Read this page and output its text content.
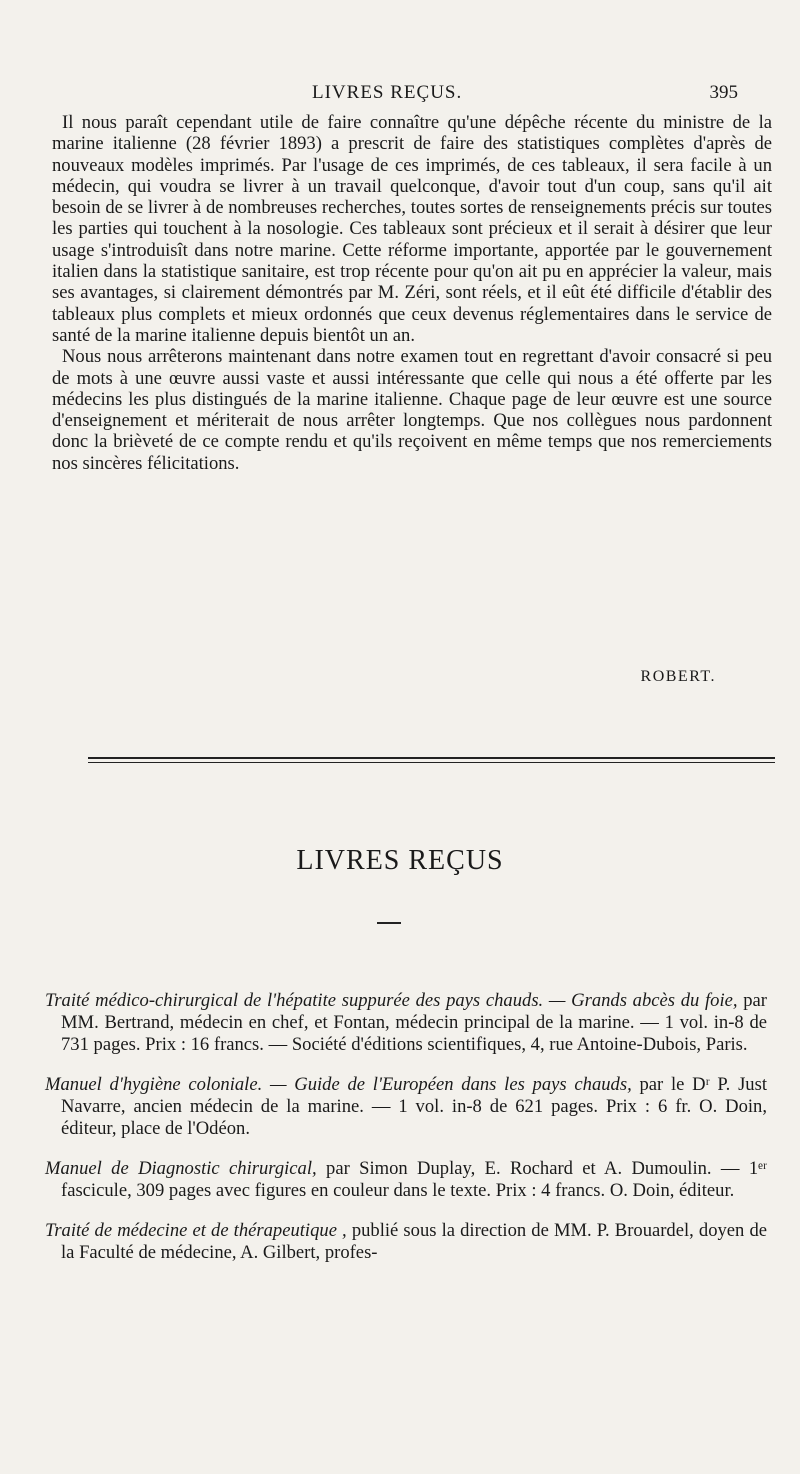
LIVRES REÇUS.	395

Il nous paraît cependant utile de faire connaître qu'une dépêche récente du ministre de la marine italienne (28 février 1893) a prescrit de faire des statistiques complètes d'après de nouveaux modèles imprimés. Par l'usage de ces imprimés, de ces tableaux, il sera facile à un médecin, qui voudra se livrer à un travail quelconque, d'avoir tout d'un coup, sans qu'il ait besoin de se livrer à de nombreuses recherches, toutes sortes de renseignements précis sur toutes les parties qui touchent à la nosologie. Ces tableaux sont précieux et il serait à désirer que leur usage s'introduisît dans notre marine. Cette réforme importante, apportée par le gouvernement italien dans la statistique sanitaire, est trop récente pour qu'on ait pu en apprécier la valeur, mais ses avantages, si clairement démontrés par M. Zéri, sont réels, et il eût été difficile d'établir des tableaux plus complets et mieux ordonnés que ceux devenus réglementaires dans le service de santé de la marine italienne depuis bientôt un an.

Nous nous arrêterons maintenant dans notre examen tout en regrettant d'avoir consacré si peu de mots à une œuvre aussi vaste et aussi intéressante que celle qui nous a été offerte par les médecins les plus distingués de la marine italienne. Chaque page de leur œuvre est une source d'enseignement et mériterait de nous arrêter longtemps. Que nos collègues nous pardonnent donc la brièveté de ce compte rendu et qu'ils reçoivent en même temps que nos remerciements nos sincères félicitations.

ROBERT.
LIVRES REÇUS

Traité médico-chirurgical de l'hépatite suppurée des pays chauds. — Grands abcès du foie, par MM. Bertrand, médecin en chef, et Fontan, médecin principal de la marine. — 1 vol. in-8 de 731 pages. Prix : 16 francs. — Société d'éditions scientifiques, 4, rue Antoine-Dubois, Paris.

Manuel d'hygiène coloniale. — Guide de l'Européen dans les pays chauds, par le Dʳ P. Just Navarre, ancien médecin de la marine. — 1 vol. in-8 de 621 pages. Prix : 6 fr. O. Doin, éditeur, place de l'Odéon.

Manuel de Diagnostic chirurgical, par Simon Duplay, E. Rochard et A. Dumoulin. — 1ᵉʳ fascicule, 309 pages avec figures en couleur dans le texte. Prix : 4 francs. O. Doin, éditeur.

Traité de médecine et de thérapeutique , publié sous la direction de MM. P. Brouardel, doyen de la Faculté de médecine, A. Gilbert, profes-
